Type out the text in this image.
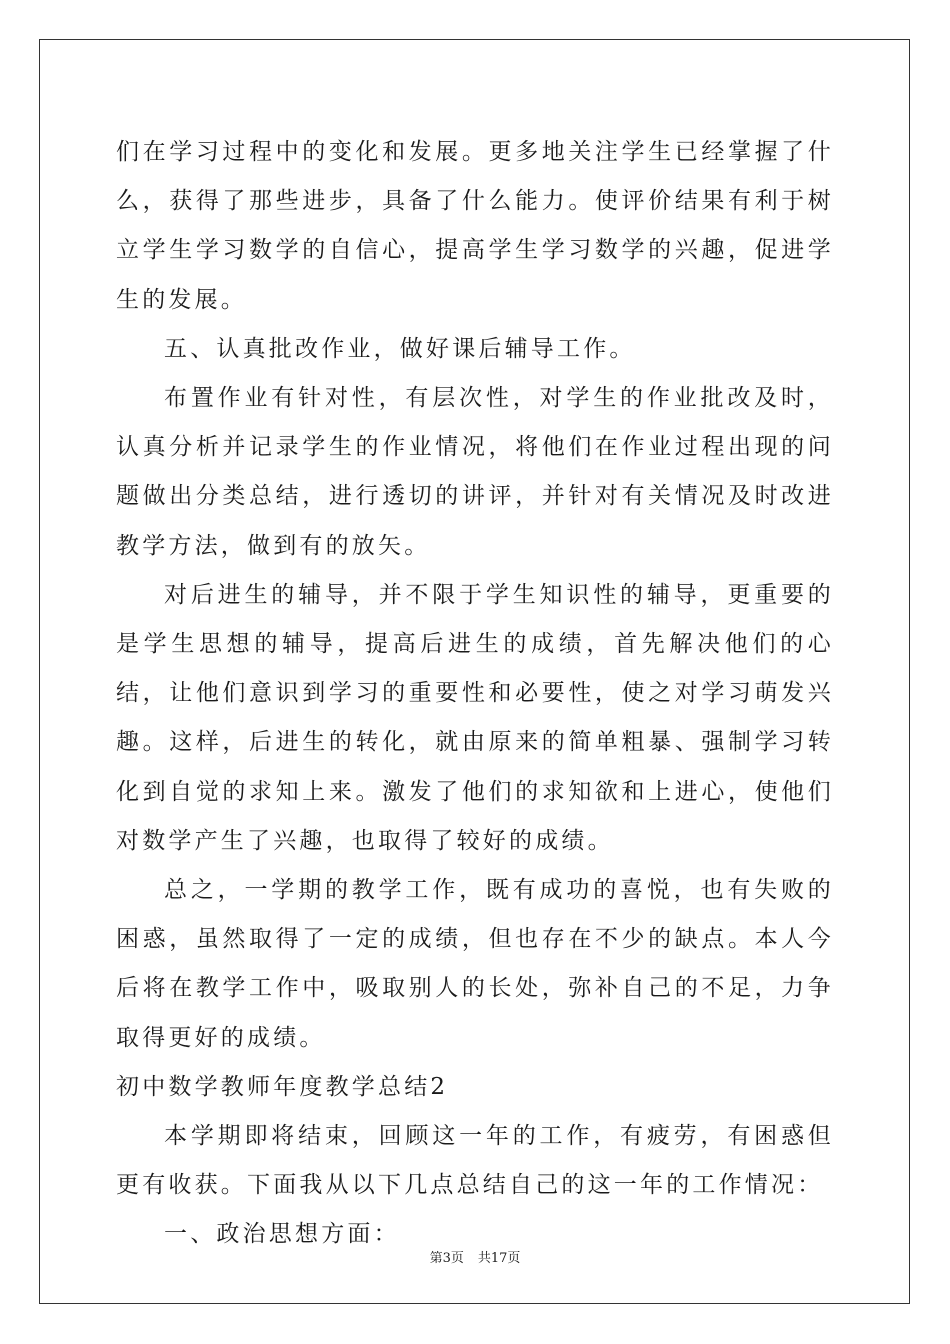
们在学习过程中的变化和发展。更多地关注学生已经掌握了什么，获得了那些进步，具备了什么能力。使评价结果有利于树立学生学习数学的自信心，提高学生学习数学的兴趣，促进学生的发展。

五、认真批改作业，做好课后辅导工作。

布置作业有针对性，有层次性，对学生的作业批改及时，认真分析并记录学生的作业情况，将他们在作业过程出现的问题做出分类总结，进行透切的讲评，并针对有关情况及时改进教学方法，做到有的放矢。

对后进生的辅导，并不限于学生知识性的辅导，更重要的是学生思想的辅导，提高后进生的成绩，首先解决他们的心结，让他们意识到学习的重要性和必要性，使之对学习萌发兴趣。这样，后进生的转化，就由原来的简单粗暴、强制学习转化到自觉的求知上来。激发了他们的求知欲和上进心，使他们对数学产生了兴趣，也取得了较好的成绩。

总之，一学期的教学工作，既有成功的喜悦，也有失败的困惑，虽然取得了一定的成绩，但也存在不少的缺点。本人今后将在教学工作中，吸取别人的长处，弥补自己的不足，力争取得更好的成绩。

初中数学教师年度教学总结2

本学期即将结束，回顾这一年的工作，有疲劳，有困惑但更有收获。下面我从以下几点总结自己的这一年的工作情况：

一、政治思想方面：

第3页 共17页
